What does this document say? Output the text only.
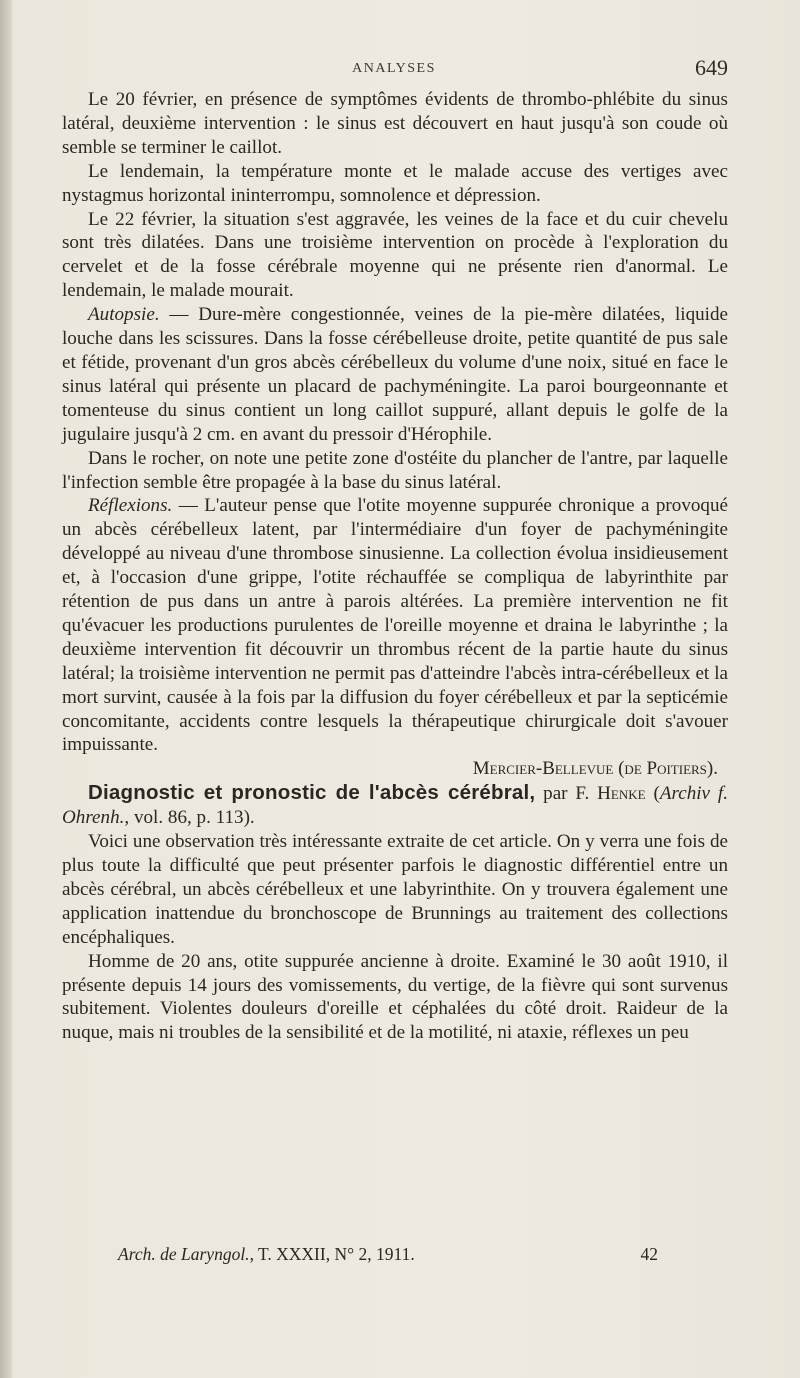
ANALYSES	649

Le 20 février, en présence de symptômes évidents de thrombo-phlébite du sinus latéral, deuxième intervention : le sinus est découvert en haut jusqu'à son coude où semble se terminer le caillot.

Le lendemain, la température monte et le malade accuse des vertiges avec nystagmus horizontal ininterrompu, somnolence et dépression.

Le 22 février, la situation s'est aggravée, les veines de la face et du cuir chevelu sont très dilatées. Dans une troisième intervention on procède à l'exploration du cervelet et de la fosse cérébrale moyenne qui ne présente rien d'anormal. Le lendemain, le malade mourait.

Autopsie. — Dure-mère congestionnée, veines de la pie-mère dilatées, liquide louche dans les scissures. Dans la fosse cérébelleuse droite, petite quantité de pus sale et fétide, provenant d'un gros abcès cérébelleux du volume d'une noix, situé en face le sinus latéral qui présente un placard de pachyméningite. La paroi bourgeonnante et tomenteuse du sinus contient un long caillot suppuré, allant depuis le golfe de la jugulaire jusqu'à 2 cm. en avant du pressoir d'Hérophile.

Dans le rocher, on note une petite zone d'ostéite du plancher de l'antre, par laquelle l'infection semble être propagée à la base du sinus latéral.

Réflexions. — L'auteur pense que l'otite moyenne suppurée chronique a provoqué un abcès cérébelleux latent, par l'intermédiaire d'un foyer de pachyméningite développé au niveau d'une thrombose sinusienne. La collection évolua insidieusement et, à l'occasion d'une grippe, l'otite réchauffée se compliqua de labyrinthite par rétention de pus dans un antre à parois altérées. La première intervention ne fit qu'évacuer les productions purulentes de l'oreille moyenne et draina le labyrinthe ; la deuxième intervention fit découvrir un thrombus récent de la partie haute du sinus latéral; la troisième intervention ne permit pas d'atteindre l'abcès intra-cérébelleux et la mort survint, causée à la fois par la diffusion du foyer cérébelleux et par la septicémie concomitante, accidents contre lesquels la thérapeutique chirurgicale doit s'avouer impuissante.

Mercier-Bellevue (de Poitiers).

Diagnostic et pronostic de l'abcès cérébral, par F. Henke (Archiv f. Ohrenh., vol. 86, p. 113).

Voici une observation très intéressante extraite de cet article. On y verra une fois de plus toute la difficulté que peut présenter parfois le diagnostic différentiel entre un abcès cérébral, un abcès cérébelleux et une labyrinthite. On y trouvera également une application inattendue du bronchoscope de Brunnings au traitement des collections encéphaliques.

Homme de 20 ans, otite suppurée ancienne à droite. Examiné le 30 août 1910, il présente depuis 14 jours des vomissements, du vertige, de la fièvre qui sont survenus subitement. Violentes douleurs d'oreille et céphalées du côté droit. Raideur de la nuque, mais ni troubles de la sensibilité et de la motilité, ni ataxie, réflexes un peu

Arch. de Laryngol., T. XXXII, N° 2, 1911.	42
